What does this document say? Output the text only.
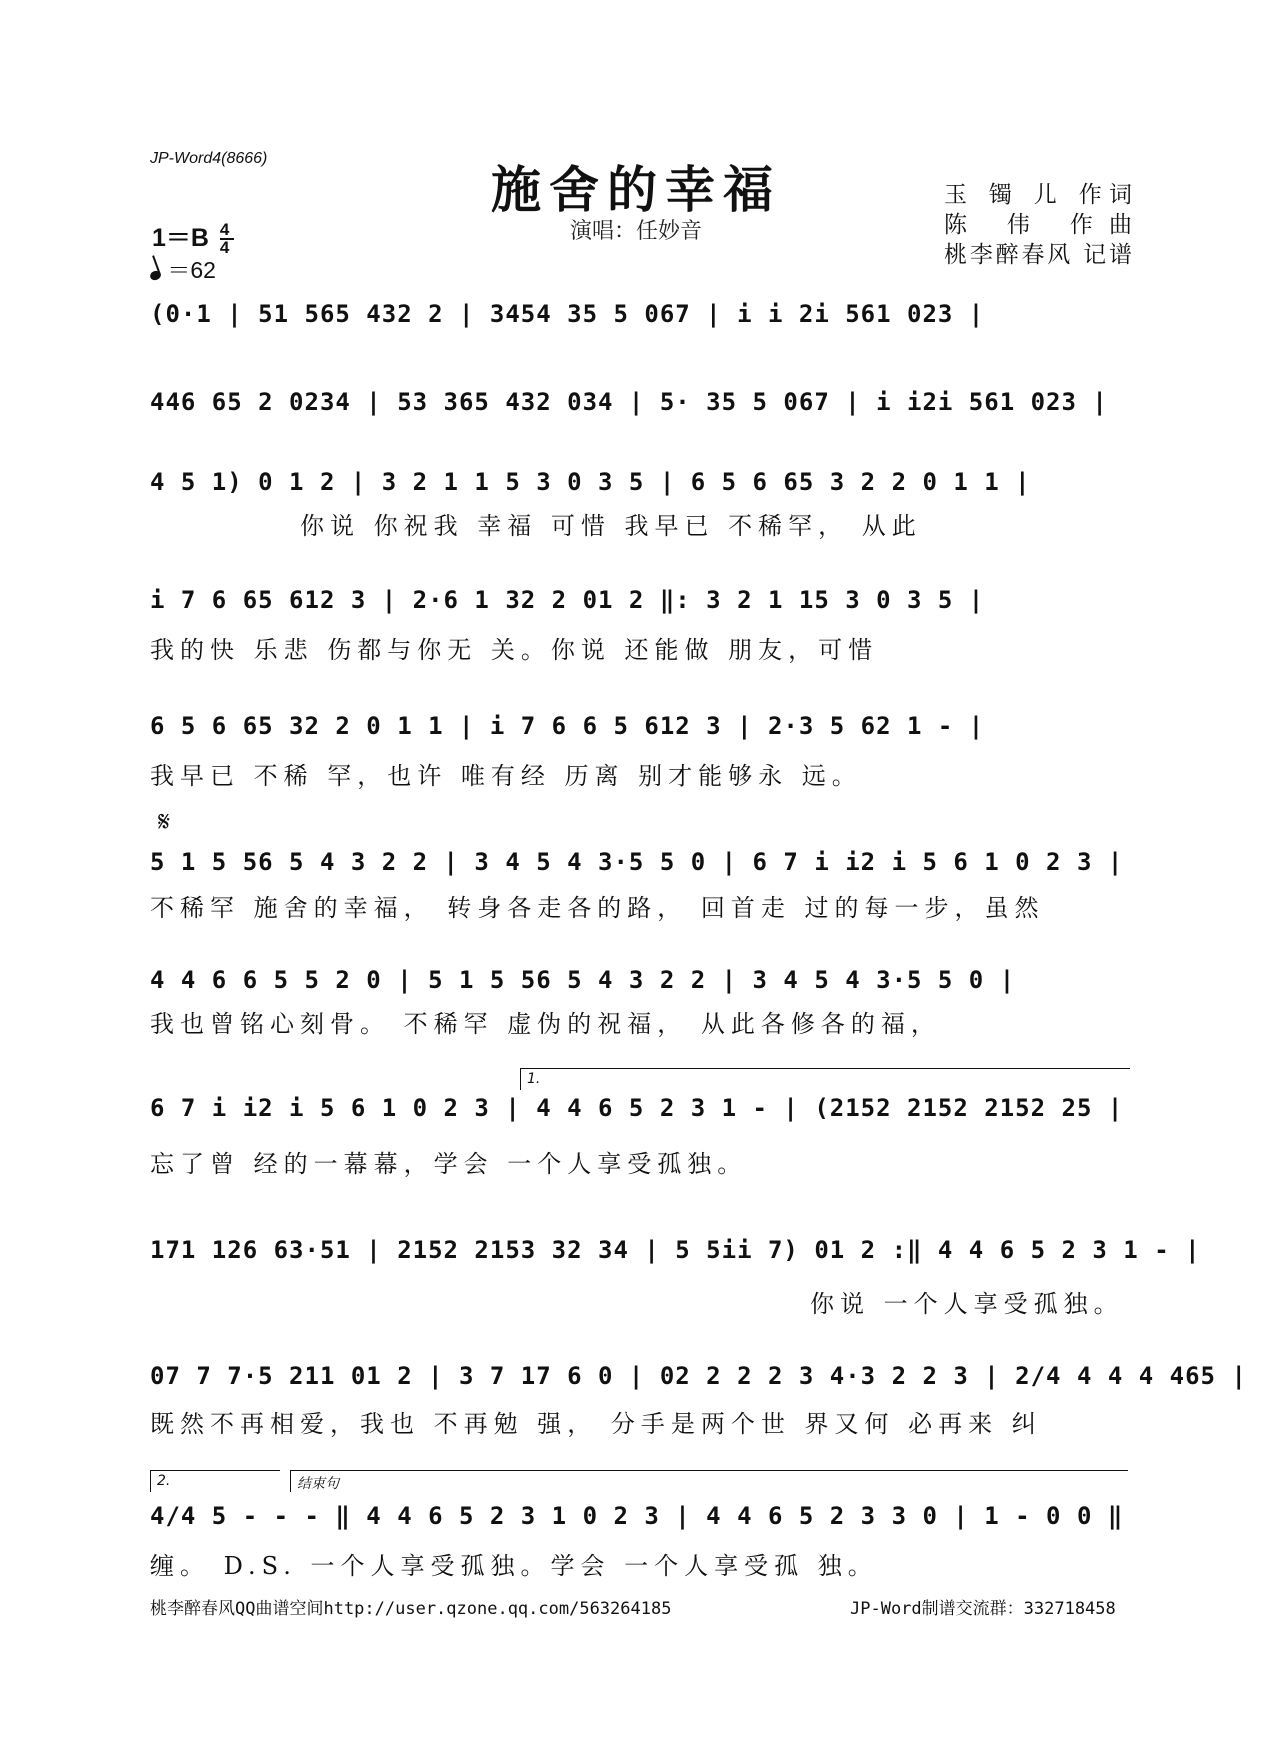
JP-Word4(8666)
施舍的幸福
演唱：任妙音
玉 镯 儿 作词
陈 伟 作曲
桃李醉春风 记谱
$1=B \frac{4}{4}$
＝62
(0·1 | 51 565 432 2 | 3454 35 5 067 | i i 2i 561 023 |
446 65 2 0234 | 53 365 432 034 | 5· 35 5 067 | i i2i 561 023 |
4 5 1) 0 1 2 | 3 2 1 1 5 3 0 3 5 | 6 5 6 65 3 2 2 0 1 1 |
你说 你祝我 幸福 可惜 我早已 不稀罕， 从此
i 7 6 65 612 3 | 2·6 1 32 2 01 2 ‖: 3 2 1 15 3 0 3 5 |
我的快 乐悲 伤都与你无 关。你说 还能做 朋友，可惜
6 5 6 65 32 2 0 1 1 | i 7 6 6 5 612 3 | 2·3 5 62 1 - |
我早已 不稀 罕，也许 唯有经 历离 别才能够永 远。
𝄋
5 1 5 56 5 4 3 2 2 | 3 4 5 4 3·5 5 0 | 6 7 i i2 i 5 6 1 0 2 3 |
不稀罕 施舍的幸福， 转身各走各的路， 回首走 过的每一步，虽然
4 4 6 6 5 5 2 0 | 5 1 5 56 5 4 3 2 2 | 3 4 5 4 3·5 5 0 |
我也曾铭心刻骨。 不稀罕 虚伪的祝福， 从此各修各的福，
1.
6 7 i i2 i 5 6 1 0 2 3 | 4 4 6 5 2 3 1 - | (2152 2152 2152 25 |
忘了曾 经的一幕幕，学会 一个人享受孤独。
171 126 63·51 | 2152 2153 32 34 | 5 5ii 7) 01 2 :‖ 4 4 6 5 2 3 1 - |
你说 一个人享受孤独。
07 7 7·5 211 01 2 | 3 7 17 6 0 | 02 2 2 2 3 4·3 2 2 3 | 2/4 4 4 4 465 |
既然不再相爱，我也 不再勉 强， 分手是两个世 界又何 必再来 纠
2.	结束句
4/4 5 - - - ‖ 4 4 6 5 2 3 1 0 2 3 | 4 4 6 5 2 3 3 0 | 1 - 0 0 ‖
缠。 D.S. 一个人享受孤独。学会 一个人享受孤 独。
桃李醉春风QQ曲谱空间http://user.qzone.qq.com/563264185	JP-Word制谱交流群：332718458
